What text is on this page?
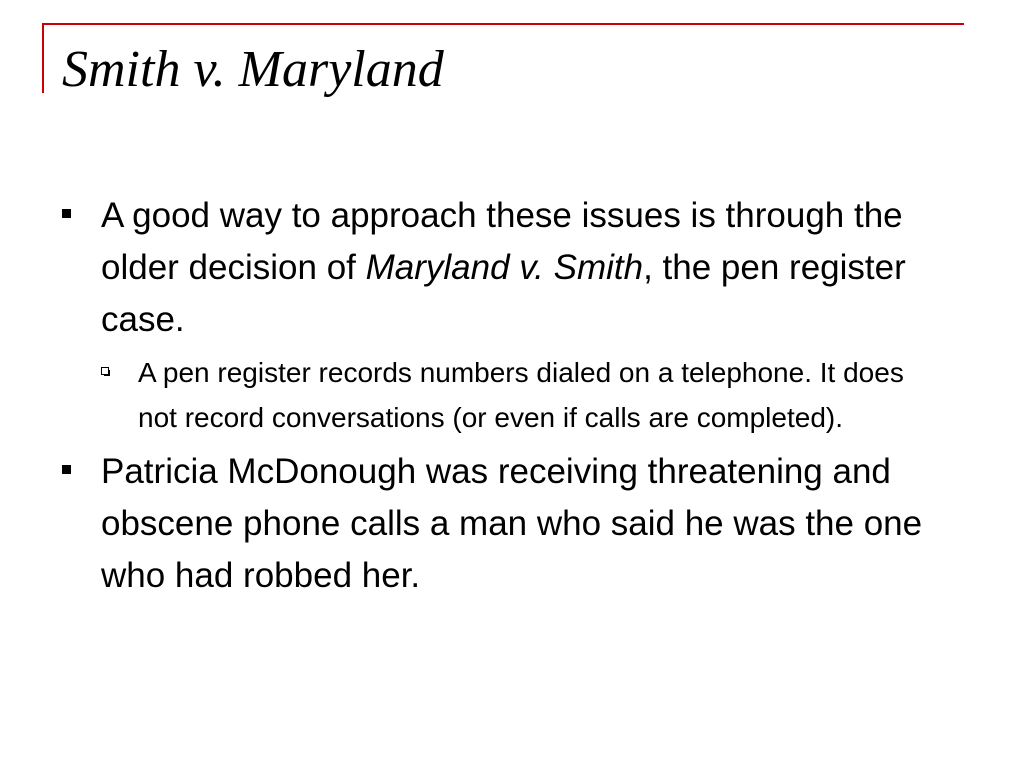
Smith v. Maryland
A good way to approach these issues is through the older decision of Maryland v. Smith, the pen register case.
A pen register records numbers dialed on a telephone. It does not record conversations (or even if calls are completed).
Patricia McDonough was receiving threatening and obscene phone calls a man who said he was the one who had robbed her.
